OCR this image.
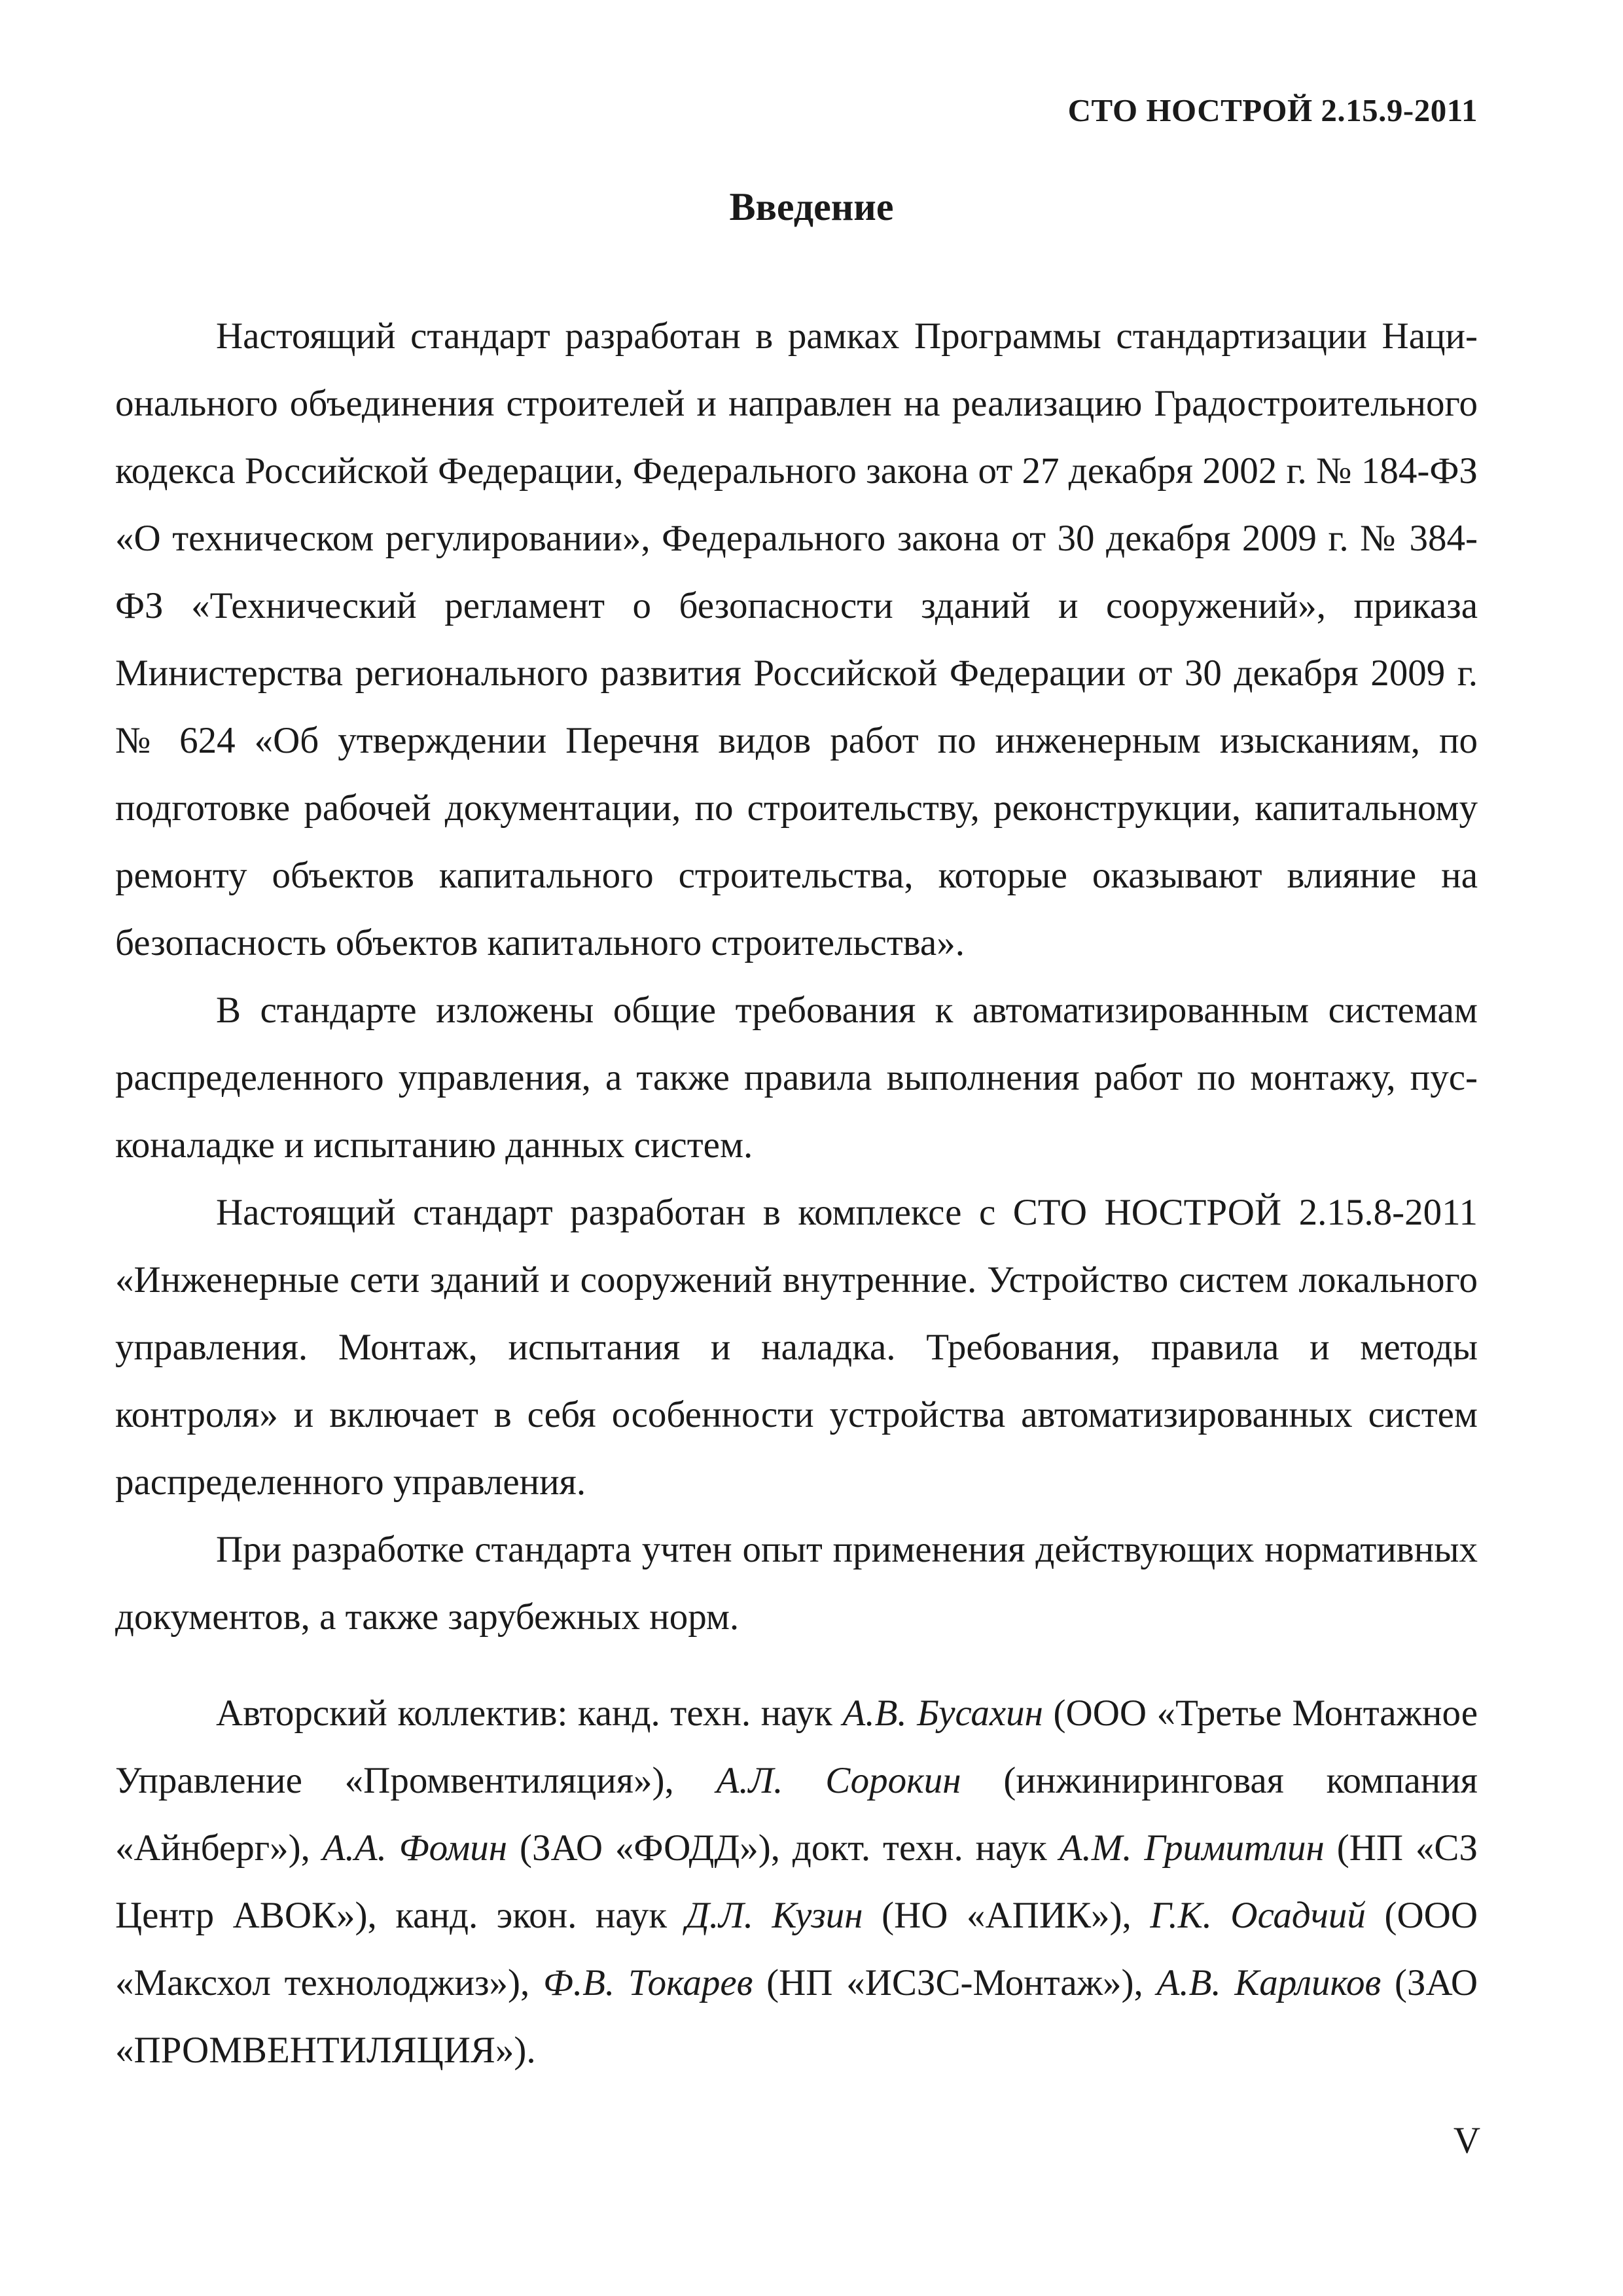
СТО НОСТРОЙ 2.15.9-2011
Введение

Настоящий стандарт разработан в рамках Программы стандартизации Национального объединения строителей и направлен на реализацию Градостроительного кодекса Российской Федерации, Федерального закона от 27 декабря 2002 г. № 184-ФЗ «О техническом регулировании», Федерального закона от 30 декабря 2009 г. № 384-ФЗ «Технический регламент о безопасности зданий и сооружений», приказа Министерства регионального развития Российской Федерации от 30 декабря 2009 г. № 624 «Об утверждении Перечня видов работ по инженерным изысканиям, по подготовке рабочей документации, по строительству, реконструкции, капитальному ремонту объектов капитального строительства, которые оказывают влияние на безопасность объектов капитального строительства».

В стандарте изложены общие требования к автоматизированным системам распределенного управления, а также правила выполнения работ по монтажу, пусконаладке и испытанию данных систем.

Настоящий стандарт разработан в комплексе с СТО НОСТРОЙ 2.15.8-2011 «Инженерные сети зданий и сооружений внутренние. Устройство систем локального управления. Монтаж, испытания и наладка. Требования, правила и методы контроля» и включает в себя особенности устройства автоматизированных систем распределенного управления.

При разработке стандарта учтен опыт применения действующих нормативных документов, а также зарубежных норм.

Авторский коллектив: канд. техн. наук А.В. Бусахин (ООО «Третье Монтажное Управление «Промвентиляция»), А.Л. Сорокин (инжиниринговая компания «Айнберг»), А.А. Фомин (ЗАО «ФОДД»), докт. техн. наук А.М. Гримитлин (НП «СЗ Центр АВОК»), канд. экон. наук Д.Л. Кузин (НО «АПИК»), Г.К. Осадчий (ООО «Максхол технолоджиз»), Ф.В. Токарев (НП «ИСЗС-Монтаж»), А.В. Карликов (ЗАО «ПРОМВЕНТИЛЯЦИЯ»).

V
